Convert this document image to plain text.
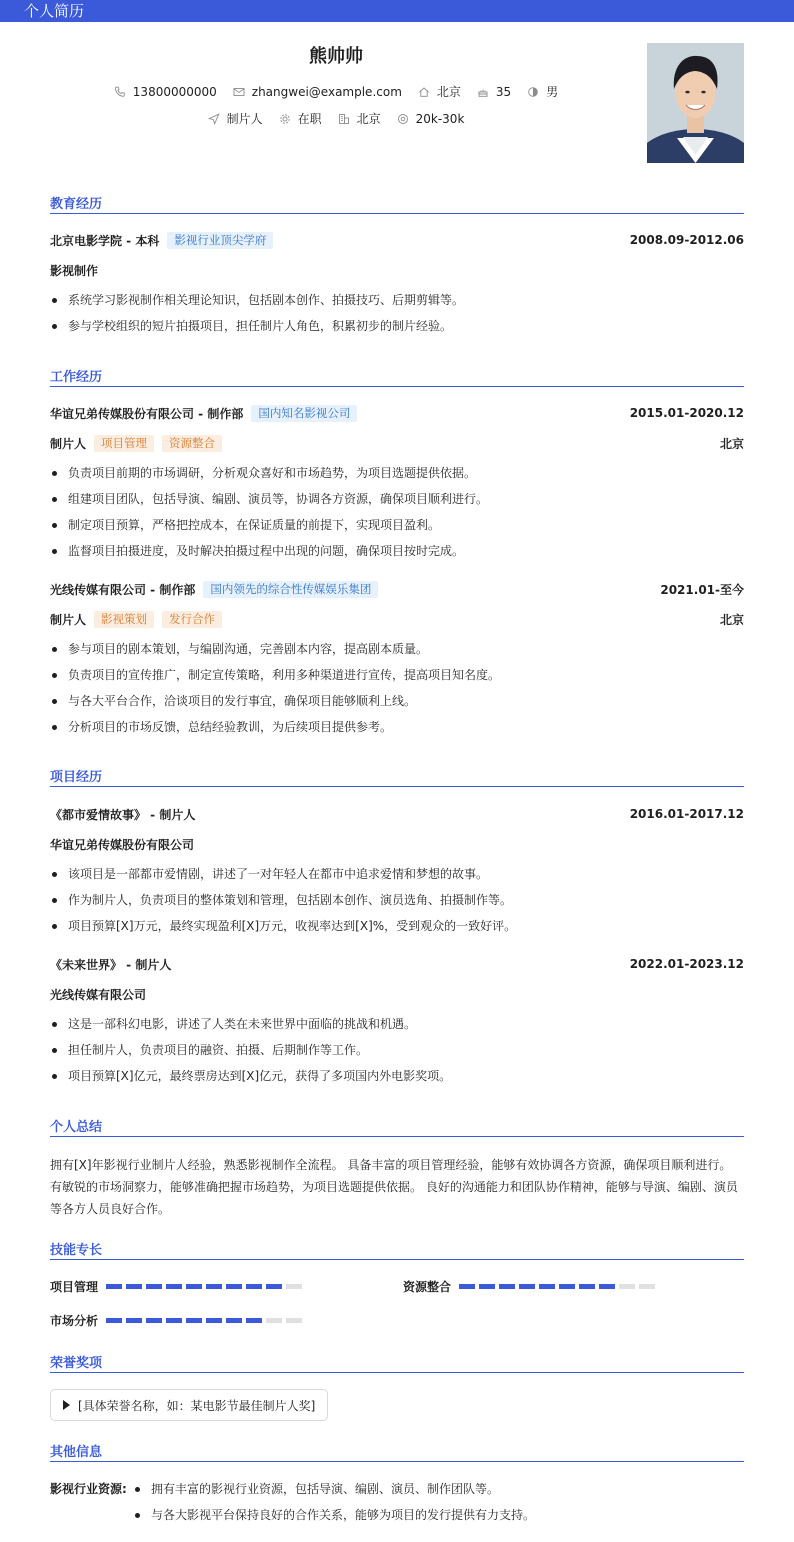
个人简历
熊帅帅
13800000000	zhangwei@example.com	北京	35	男
制片人	在职	北京	20k-30k
教育经历
北京电影学院 - 本科	影视行业顶尖学府	2008.09-2012.06
影视制作
系统学习影视制作相关理论知识，包括剧本创作、拍摄技巧、后期剪辑等。
参与学校组织的短片拍摄项目，担任制片人角色，积累初步的制片经验。
工作经历
华谊兄弟传媒股份有限公司 - 制作部	国内知名影视公司	2015.01-2020.12
制片人	项目管理	资源整合	北京
负责项目前期的市场调研，分析观众喜好和市场趋势，为项目选题提供依据。
组建项目团队，包括导演、编剧、演员等，协调各方资源，确保项目顺利进行。
制定项目预算，严格把控成本，在保证质量的前提下，实现项目盈利。
监督项目拍摄进度，及时解决拍摄过程中出现的问题，确保项目按时完成。
光线传媒有限公司 - 制作部	国内领先的综合性传媒娱乐集团	2021.01-至今
制片人	影视策划	发行合作	北京
参与项目的剧本策划，与编剧沟通，完善剧本内容，提高剧本质量。
负责项目的宣传推广，制定宣传策略，利用多种渠道进行宣传，提高项目知名度。
与各大平台合作，洽谈项目的发行事宜，确保项目能够顺利上线。
分析项目的市场反馈，总结经验教训，为后续项目提供参考。
项目经历
《都市爱情故事》 - 制片人	2016.01-2017.12
华谊兄弟传媒股份有限公司
该项目是一部都市爱情剧，讲述了一对年轻人在都市中追求爱情和梦想的故事。
作为制片人，负责项目的整体策划和管理，包括剧本创作、演员选角、拍摄制作等。
项目预算[X]万元，最终实现盈利[X]万元，收视率达到[X]%，受到观众的一致好评。
《未来世界》 - 制片人	2022.01-2023.12
光线传媒有限公司
这是一部科幻电影，讲述了人类在未来世界中面临的挑战和机遇。
担任制片人，负责项目的融资、拍摄、后期制作等工作。
项目预算[X]亿元，最终票房达到[X]亿元，获得了多项国内外电影奖项。
个人总结
拥有[X]年影视行业制片人经验，熟悉影视制作全流程。 具备丰富的项目管理经验，能够有效协调各方资源，确保项目顺利进行。 有敏锐的市场洞察力，能够准确把握市场趋势，为项目选题提供依据。 良好的沟通能力和团队协作精神，能够与导演、编剧、演员等各方人员良好合作。
技能专长
项目管理	资源整合
市场分析
荣誉奖项
[具体荣誉名称，如：某电影节最佳制片人奖]
其他信息
影视行业资源:	拥有丰富的影视行业资源，包括导演、编剧、演员、制作团队等。
与各大影视平台保持良好的合作关系，能够为项目的发行提供有力支持。
